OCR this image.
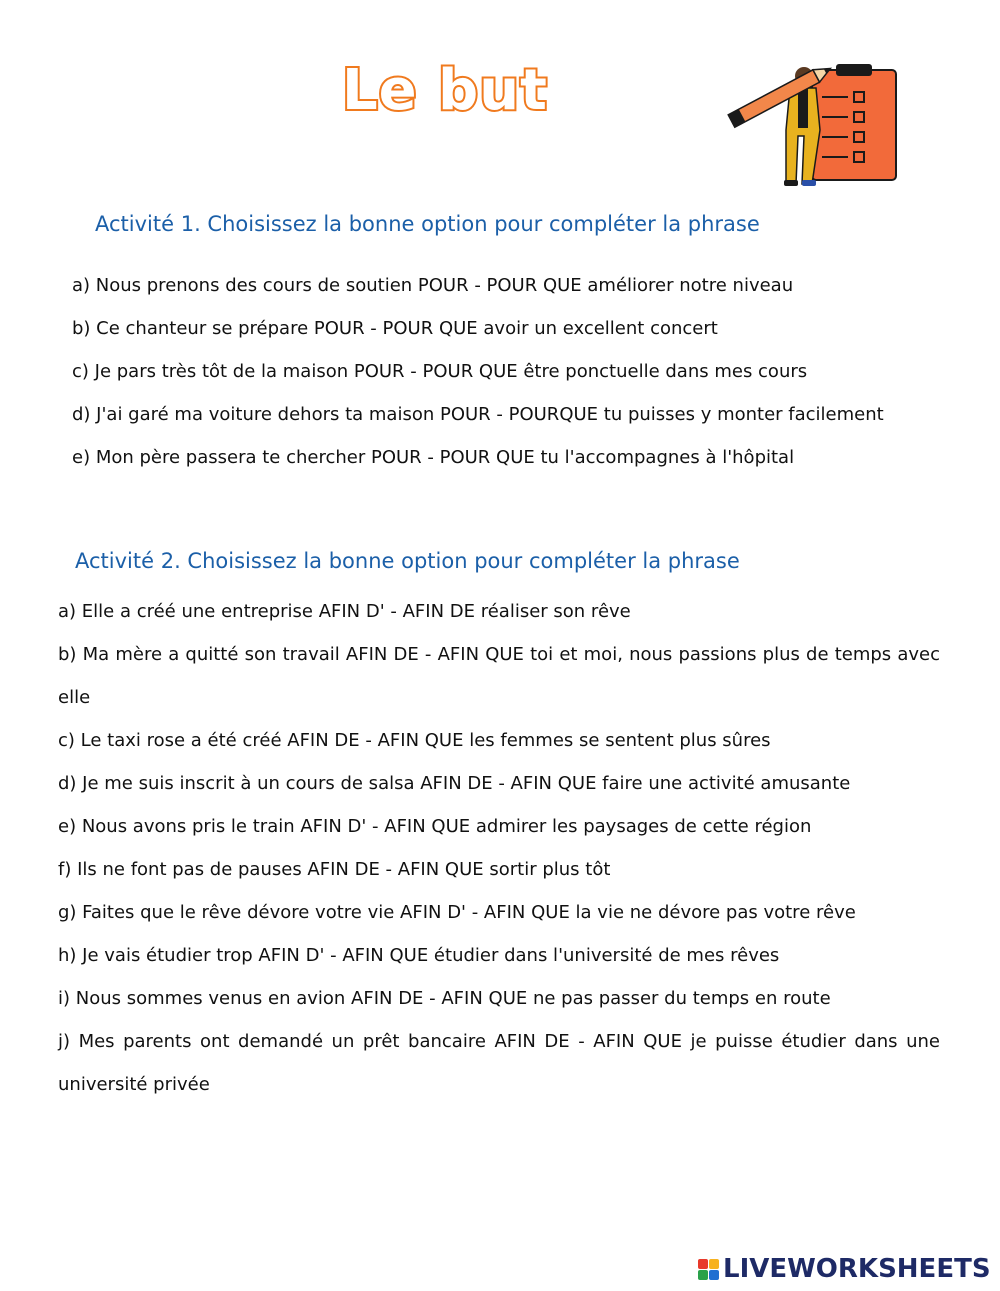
Le but
Activité 1. Choisissez la bonne option pour compléter la phrase
a) Nous prenons des cours de soutien POUR - POUR QUE améliorer notre niveau
b) Ce chanteur se prépare POUR - POUR QUE avoir un excellent concert
c) Je pars très tôt de la maison POUR - POUR QUE être ponctuelle dans mes cours
d) J'ai garé ma voiture dehors ta maison POUR - POURQUE tu puisses y monter facilement
e) Mon père passera te chercher POUR - POUR QUE tu l'accompagnes à l'hôpital
Activité 2. Choisissez la bonne option pour compléter la phrase
a) Elle a créé une entreprise AFIN D' - AFIN DE réaliser son rêve
b) Ma mère a quitté son travail AFIN DE - AFIN QUE toi et moi, nous passions plus de temps avec elle
c) Le taxi rose a été créé AFIN DE - AFIN QUE les femmes se sentent plus sûres
d) Je me suis inscrit à un cours de salsa AFIN DE - AFIN QUE faire une activité amusante
e) Nous avons pris le train AFIN D' - AFIN QUE admirer les paysages de cette région
f) Ils ne font pas de pauses AFIN DE - AFIN QUE sortir plus tôt
g) Faites que le rêve dévore votre vie AFIN D' - AFIN QUE la vie ne dévore pas votre rêve
h) Je vais étudier trop AFIN D' - AFIN QUE étudier dans l'université de mes rêves
i) Nous sommes venus en avion AFIN DE - AFIN QUE ne pas passer du temps en route
j) Mes parents ont demandé un prêt bancaire AFIN DE - AFIN QUE je puisse étudier dans une université privée
LIVEWORKSHEETS
